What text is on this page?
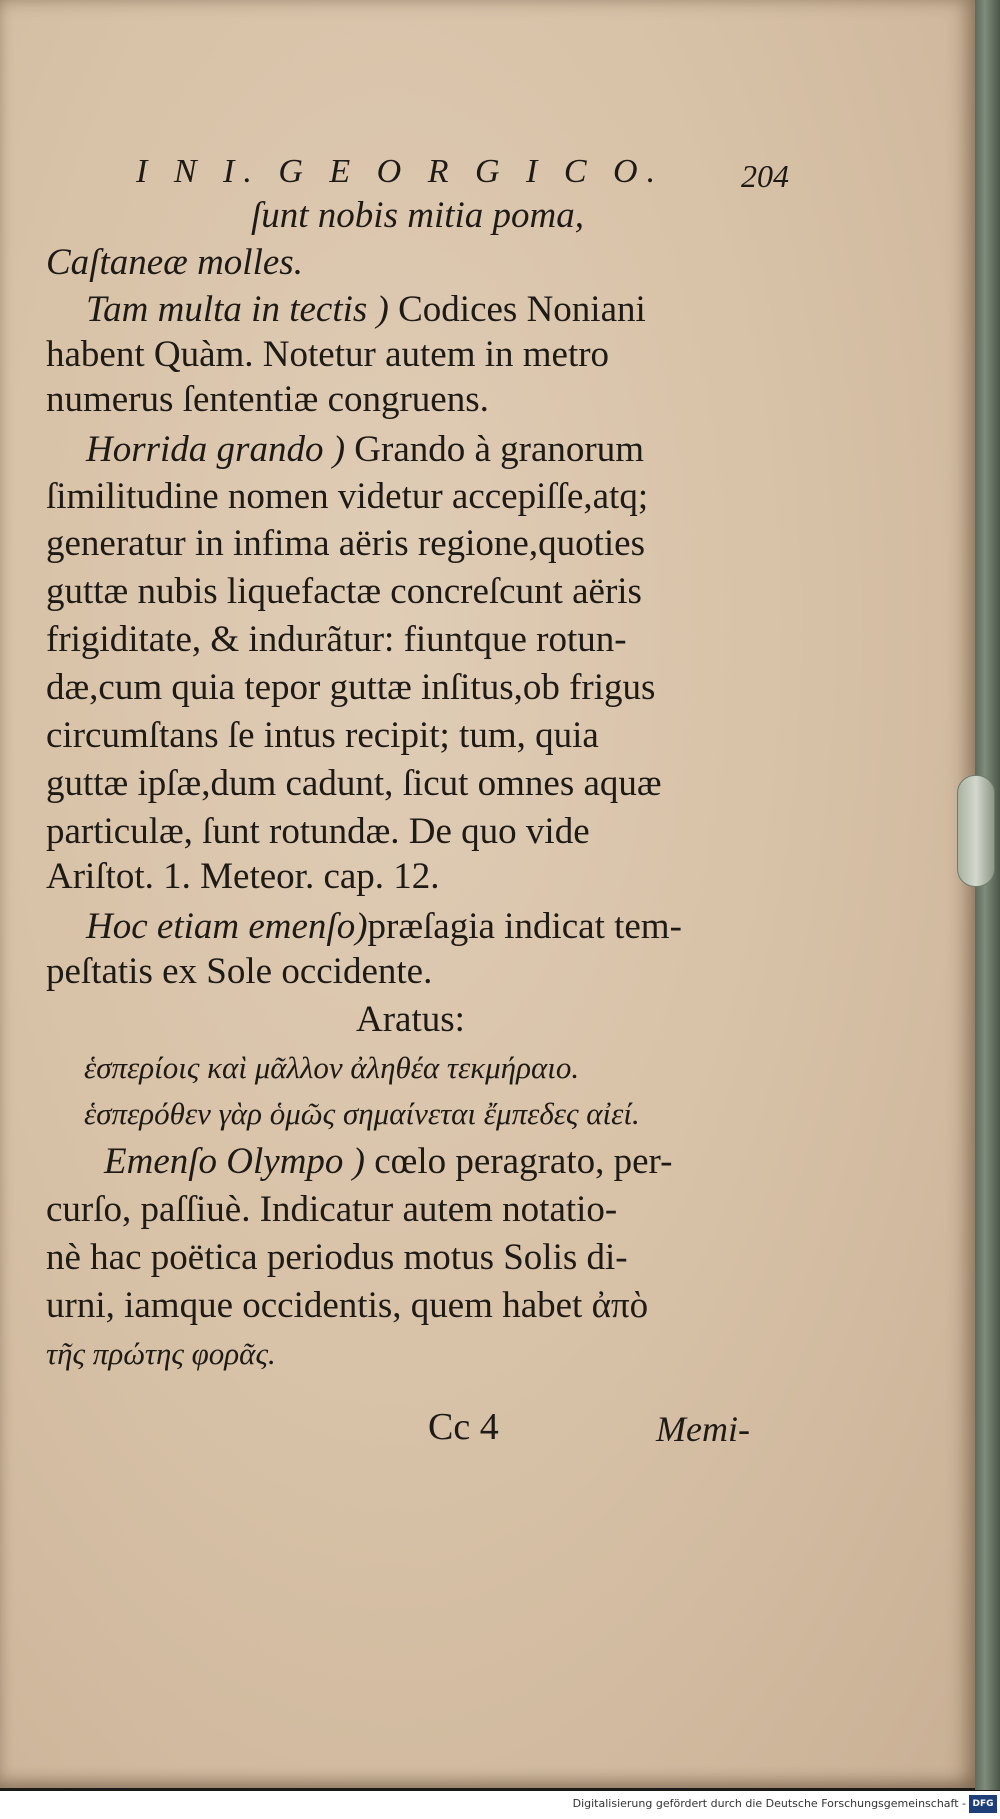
I N I. G E O R G I C O. 204
ſunt nobis mitia poma,
Caſtaneæ molles.
Tam multa in tectis ) Codices Noniani
habent Quàm. Notetur autem in metro
numerus ſententiæ congruens.
Horrida grando ) Grando à granorum
ſimilitudine nomen videtur accepiſſe,atq;
generatur in infima aëris regione,quoties
guttæ nubis liquefactæ concreſcunt aëris
frigiditate, & indurãtur: fiuntque rotun-
dæ,cum quia tepor guttæ inſitus,ob frigus
circumſtans ſe intus recipit; tum, quia
guttæ ipſæ,dum cadunt, ſicut omnes aquæ
particulæ, ſunt rotundæ. De quo vide
Ariſtot. 1. Meteor. cap. 12.
Hoc etiam emenſo)præſagia indicat tem-
peſtatis ex Sole occidente.
Aratus:
ἑσπερίοις καὶ μᾶλλον ἀληθέα τεκμήραιο.
ἑσπερόθεν γὰρ ὁμῶς σημαίνεται ἔμπεδες αἰεί.
Emenſo Olympo ) cœlo peragrato, per-
curſo, paſſiuè. Indicatur autem notatio-
nè hac poëtica periodus motus Solis di-
urni, iamque occidentis, quem habet ἀπὸ
τῆς πρώτης φορᾶς.
Cc 4	Memi-
Digitalisierung gefördert durch die Deutsche Forschungsgemeinschaft - DFG
